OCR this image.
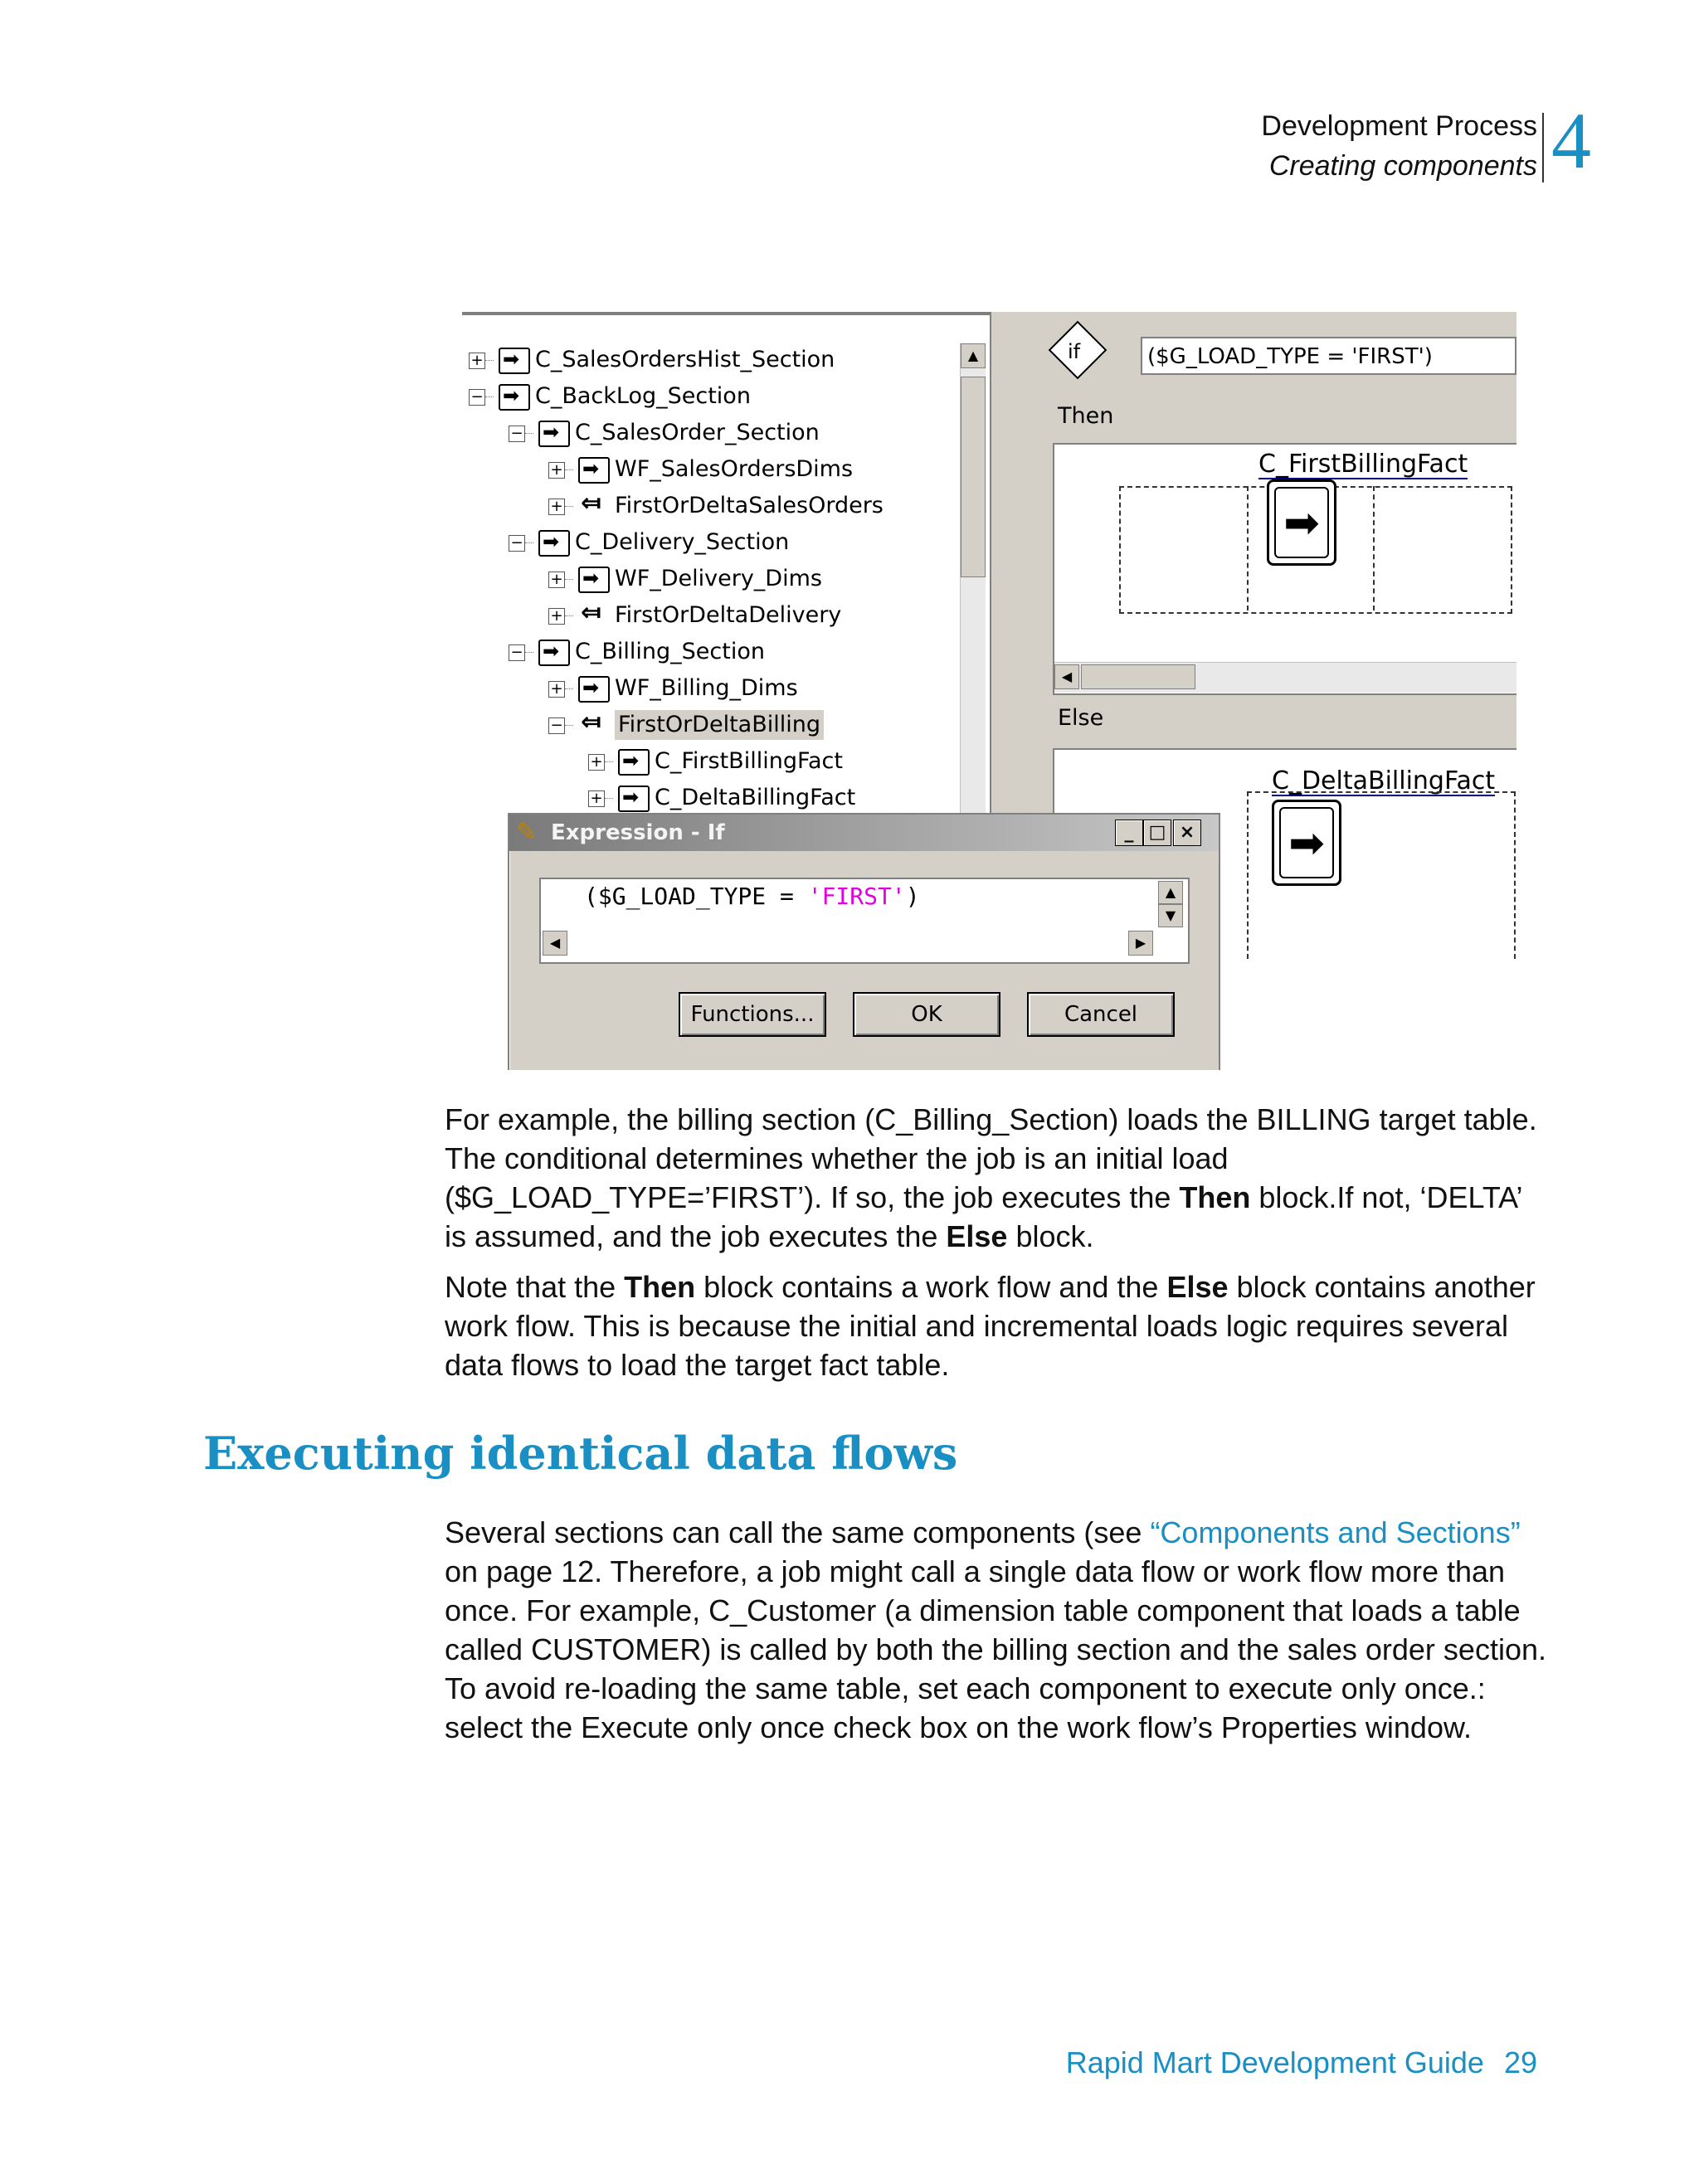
Development Process
Creating components 4
+ ➡ C_SalesOrdersHist_Section
− ➡ C_BackLog_Section
− ➡ C_SalesOrder_Section
+ ➡ WF_SalesOrdersDims
+ ⤆ FirstOrDeltaSalesOrders
− ➡ C_Delivery_Section
+ ➡ WF_Delivery_Dims
+ ⤆ FirstOrDeltaDelivery
− ➡ C_Billing_Section
+ ➡ WF_Billing_Dims
− ⤆ FirstOrDeltaBilling
+ ➡ C_FirstBillingFact
+ ➡ C_DeltaBillingFact
▲	if	($G_LOAD_TYPE = 'FIRST')
Then
C_FirstBillingFact
➡
◀
Else
C_DeltaBillingFact
➡
Expression - If
✎	_ □ ×
($G_LOAD_TYPE = 'FIRST')	▲
▼
◀	▶
Functions...	OK	Cancel
For example, the billing section (C_Billing_Section) loads the BILLING target table. The conditional determines whether the job is an initial load ($G_LOAD_TYPE=’FIRST’). If so, the job executes the Then block.If not, ‘DELTA’ is assumed, and the job executes the Else block.
Note that the Then block contains a work flow and the Else block contains another work flow. This is because the initial and incremental loads logic requires several data flows to load the target fact table.
Executing identical data flows
Several sections can call the same components (see “Components and Sections” on page 12. Therefore, a job might call a single data flow or work flow more than once. For example, C_Customer (a dimension table component that loads a table called CUSTOMER) is called by both the billing section and the sales order section. To avoid re-loading the same table, set each component to execute only once.: select the Execute only once check box on the work flow’s Properties window.
Rapid Mart Development Guide 29
